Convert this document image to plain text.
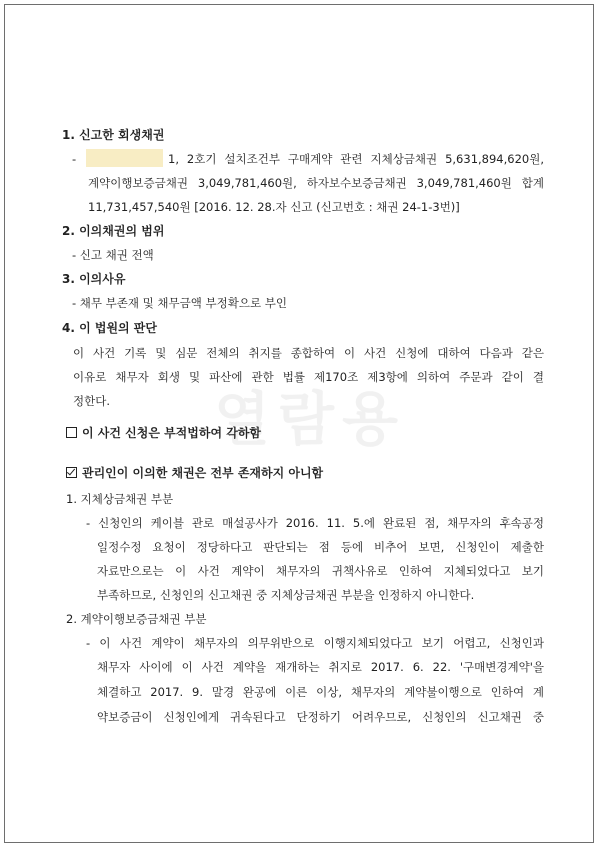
열람용
1. 신고한 회생채권
-	1, 2호기 설치조건부 구매계약 관련 지체상금채권 5,631,894,620원,
계약이행보증금채권 3,049,781,460원, 하자보수보증금채권 3,049,781,460원 합계
11,731,457,540원 [2016. 12. 28.자 신고 (신고번호 : 채권 24-1-3번)]
2. 이의채권의 범위
- 신고 채권 전액
3. 이의사유
- 채무 부존재 및 채무금액 부정확으로 부인
4. 이 법원의 판단
이 사건 기록 및 심문 전체의 취지를 종합하여 이 사건 신청에 대하여 다음과 같은
이유로 채무자 회생 및 파산에 관한 법률 제170조 제3항에 의하여 주문과 같이 결
정한다.
이 사건 신청은 부적법하여 각하함
관리인이 이의한 채권은 전부 존재하지 아니함
1. 지체상금채권 부분
- 신청인의 케이블 관로 매설공사가 2016. 11. 5.에 완료된 점, 채무자의 후속공정
일정수정 요청이 정당하다고 판단되는 점 등에 비추어 보면, 신청인이 제출한
자료만으로는 이 사건 계약이 채무자의 귀책사유로 인하여 지체되었다고 보기
부족하므로, 신청인의 신고채권 중 지체상금채권 부분을 인정하지 아니한다.
2. 계약이행보증금채권 부분
- 이 사건 계약이 채무자의 의무위반으로 이행지체되었다고 보기 어렵고, 신청인과
채무자 사이에 이 사건 계약을 재개하는 취지로 2017. 6. 22. '구매변경계약'을
체결하고 2017. 9. 말경 완공에 이른 이상, 채무자의 계약불이행으로 인하여 계
약보증금이 신청인에게 귀속된다고 단정하기 어려우므로, 신청인의 신고채권 중
